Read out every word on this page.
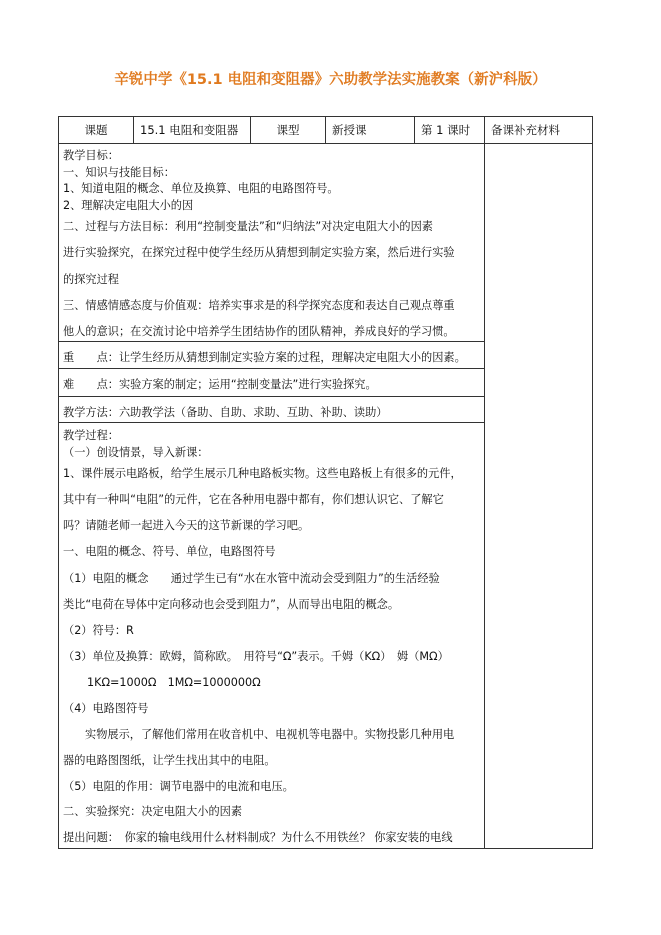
辛锐中学《15.1 电阻和变阻器》六助教学法实施教案（新沪科版）
课题	15.1 电阻和变阻器	课型	新授课	第 1 课时	备课补充材料
教学目标：
一、知识与技能目标：
1、知道电阻的概念、单位及换算、电阻的电路图符号。
2、理解决定电阻大小的因
二、过程与方法目标：利用“控制变量法”和“归纳法”对决定电阻大小的因素
进行实验探究，在探究过程中使学生经历从猜想到制定实验方案，然后进行实验
的探究过程
三、情感情感态度与价值观：培养实事求是的科学探究态度和表达自己观点尊重
他人的意识；在交流讨论中培养学生团结协作的团队精神，养成良好的学习惯。
重　　点：让学生经历从猜想到制定实验方案的过程，理解决定电阻大小的因素。
难　　点：实验方案的制定；运用“控制变量法”进行实验探究。
教学方法：六助教学法（备助、自助、求助、互助、补助、读助）
教学过程：
（一）创设情景，导入新课：
1、课件展示电路板，给学生展示几种电路板实物。这些电路板上有很多的元件，
其中有一种叫“电阻”的元件，它在各种用电器中都有，你们想认识它、了解它
吗？请随老师一起进入今天的这节新课的学习吧。
一、电阻的概念、符号、单位，电路图符号
（1）电阻的概念　　通过学生已有“水在水管中流动会受到阻力”的生活经验
类比“电荷在导体中定向移动也会受到阻力”，从而导出电阻的概念。
（2）符号：R
（3）单位及换算：欧姆，简称欧。　用符号“Ω”表示。千姆（KΩ）　姆（MΩ）
1KΩ=1000Ω　1MΩ=1000000Ω
（4）电路图符号
实物展示，了解他们常用在收音机中、电视机等电器中。实物投影几种用电
器的电路图图纸，让学生找出其中的电阻。
（5）电阻的作用：调节电器中的电流和电压。
二、实验探究：决定电阻大小的因素
提出问题：　你家的输电线用什么材料制成？为什么不用铁丝？ 你家安装的电线
